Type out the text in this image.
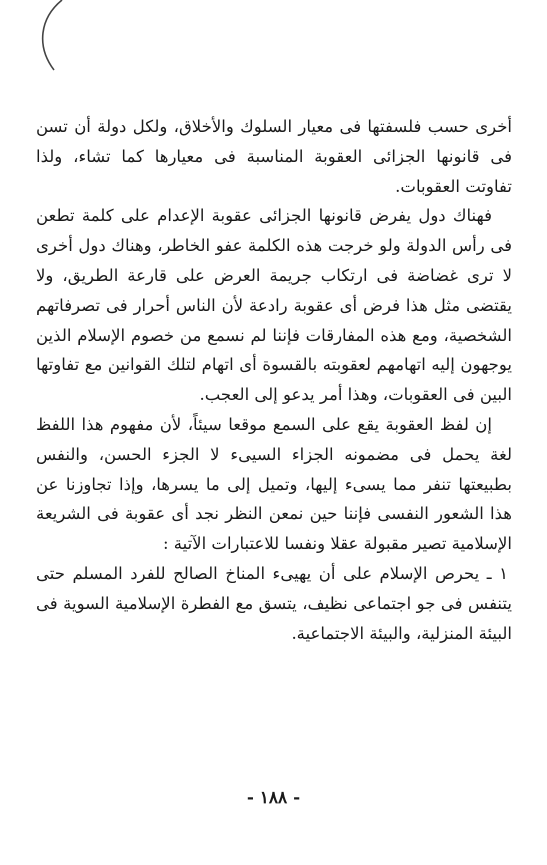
أخرى حسب فلسفتها فى معيار السلوك والأخلاق، ولكل دولة أن تسن فى قانونها الجزائى العقوبة المناسبة فى معيارها كما تشاء، ولذا تفاوتت العقوبات.

فهناك دول يفرض قانونها الجزائى عقوبة الإعدام على كلمة تطعن فى رأس الدولة ولو خرجت هذه الكلمة عفو الخاطر، وهناك دول أخرى لا ترى غضاضة فى ارتكاب جريمة العرض على قارعة الطريق، ولا يقتضى مثل هذا فرض أى عقوبة رادعة لأن الناس أحرار فى تصرفاتهم الشخصية، ومع هذه المفارقات فإننا لم نسمع من خصوم الإسلام الذين يوجهون إليه اتهامهم لعقوبته بالقسوة أى اتهام لتلك القوانين مع تفاوتها البين فى العقوبات، وهذا أمر يدعو إلى العجب.

إن لفظ العقوبة يقع على السمع موقعا سيئاً، لأن مفهوم هذا اللفظ لغة يحمل فى مضمونه الجزاء السيىء لا الجزء الحسن، والنفس بطبيعتها تنفر مما يسىء إليها، وتميل إلى ما يسرها، وإذا تجاوزنا عن هذا الشعور النفسى فإننا حين نمعن النظر نجد أى عقوبة فى الشريعة الإسلامية تصير مقبولة عقلا ونفسا للاعتبارات الآتية :

١ ـ يحرص الإسلام على أن يهيىء المناخ الصالح للفرد المسلم حتى يتنفس فى جو اجتماعى نظيف، يتسق مع الفطرة الإسلامية السوية فى البيئة المنزلية، والبيئة الاجتماعية.

- ١٨٨ -
